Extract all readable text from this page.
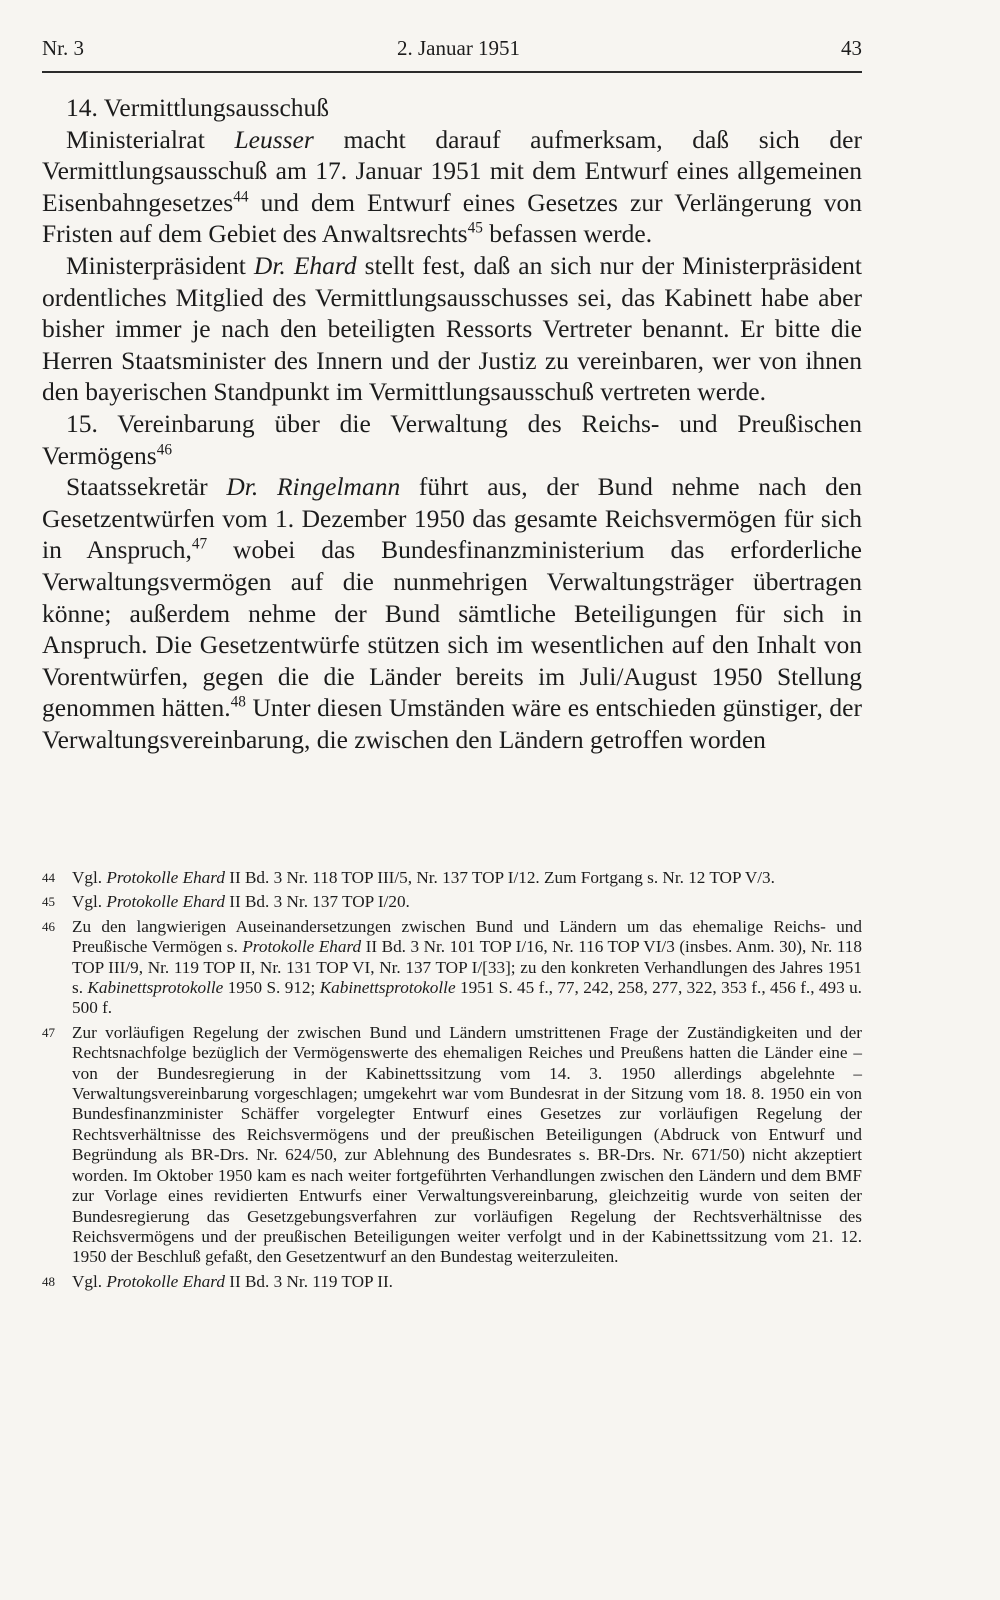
Nr. 3	2. Januar 1951	43

14. Vermittlungsausschuß

Ministerialrat Leusser macht darauf aufmerksam, daß sich der Vermittlungsausschuß am 17. Januar 1951 mit dem Entwurf eines allgemeinen Eisenbahngesetzes$^{44}$ und dem Entwurf eines Gesetzes zur Verlängerung von Fristen auf dem Gebiet des Anwaltsrechts$^{45}$ befassen werde.

Ministerpräsident Dr. Ehard stellt fest, daß an sich nur der Ministerpräsident ordentliches Mitglied des Vermittlungsausschusses sei, das Kabinett habe aber bisher immer je nach den beteiligten Ressorts Vertreter benannt. Er bitte die Herren Staatsminister des Innern und der Justiz zu vereinbaren, wer von ihnen den bayerischen Standpunkt im Vermittlungsausschuß vertreten werde.

15. Vereinbarung über die Verwaltung des Reichs- und Preußischen Vermögens$^{46}$

Staatssekretär Dr. Ringelmann führt aus, der Bund nehme nach den Gesetzentwürfen vom 1. Dezember 1950 das gesamte Reichsvermögen für sich in Anspruch,$^{47}$ wobei das Bundesfinanzministerium das erforderliche Verwaltungsvermögen auf die nunmehrigen Verwaltungsträger übertragen könne; außerdem nehme der Bund sämtliche Beteiligungen für sich in Anspruch. Die Gesetzentwürfe stützen sich im wesentlichen auf den Inhalt von Vorentwürfen, gegen die die Länder bereits im Juli/August 1950 Stellung genommen hätten.$^{48}$ Unter diesen Umständen wäre es entschieden günstiger, der Verwaltungsvereinbarung, die zwischen den Ländern getroffen worden

44 Vgl. Protokolle Ehard II Bd. 3 Nr. 118 TOP III/5, Nr. 137 TOP I/12. Zum Fortgang s. Nr. 12 TOP V/3.

45 Vgl. Protokolle Ehard II Bd. 3 Nr. 137 TOP I/20.

46 Zu den langwierigen Auseinandersetzungen zwischen Bund und Ländern um das ehemalige Reichs- und Preußische Vermögen s. Protokolle Ehard II Bd. 3 Nr. 101 TOP I/16, Nr. 116 TOP VI/3 (insbes. Anm. 30), Nr. 118 TOP III/9, Nr. 119 TOP II, Nr. 131 TOP VI, Nr. 137 TOP I/[33]; zu den konkreten Verhandlungen des Jahres 1951 s. Kabinettsprotokolle 1950 S. 912; Kabinettsprotokolle 1951 S. 45 f., 77, 242, 258, 277, 322, 353 f., 456 f., 493 u. 500 f.

47 Zur vorläufigen Regelung der zwischen Bund und Ländern umstrittenen Frage der Zuständigkeiten und der Rechtsnachfolge bezüglich der Vermögenswerte des ehemaligen Reiches und Preußens hatten die Länder eine – von der Bundesregierung in der Kabinettssitzung vom 14. 3. 1950 allerdings abgelehnte – Verwaltungsvereinbarung vorgeschlagen; umgekehrt war vom Bundesrat in der Sitzung vom 18. 8. 1950 ein von Bundesfinanzminister Schäffer vorgelegter Entwurf eines Gesetzes zur vorläufigen Regelung der Rechtsverhältnisse des Reichsvermögens und der preußischen Beteiligungen (Abdruck von Entwurf und Begründung als BR-Drs. Nr. 624/50, zur Ablehnung des Bundesrates s. BR-Drs. Nr. 671/50) nicht akzeptiert worden. Im Oktober 1950 kam es nach weiter fortgeführten Verhandlungen zwischen den Ländern und dem BMF zur Vorlage eines revidierten Entwurfs einer Verwaltungsvereinbarung, gleichzeitig wurde von seiten der Bundesregierung das Gesetzgebungsverfahren zur vorläufigen Regelung der Rechtsverhältnisse des Reichsvermögens und der preußischen Beteiligungen weiter verfolgt und in der Kabinettssitzung vom 21. 12. 1950 der Beschluß gefaßt, den Gesetzentwurf an den Bundestag weiterzuleiten.

48 Vgl. Protokolle Ehard II Bd. 3 Nr. 119 TOP II.
